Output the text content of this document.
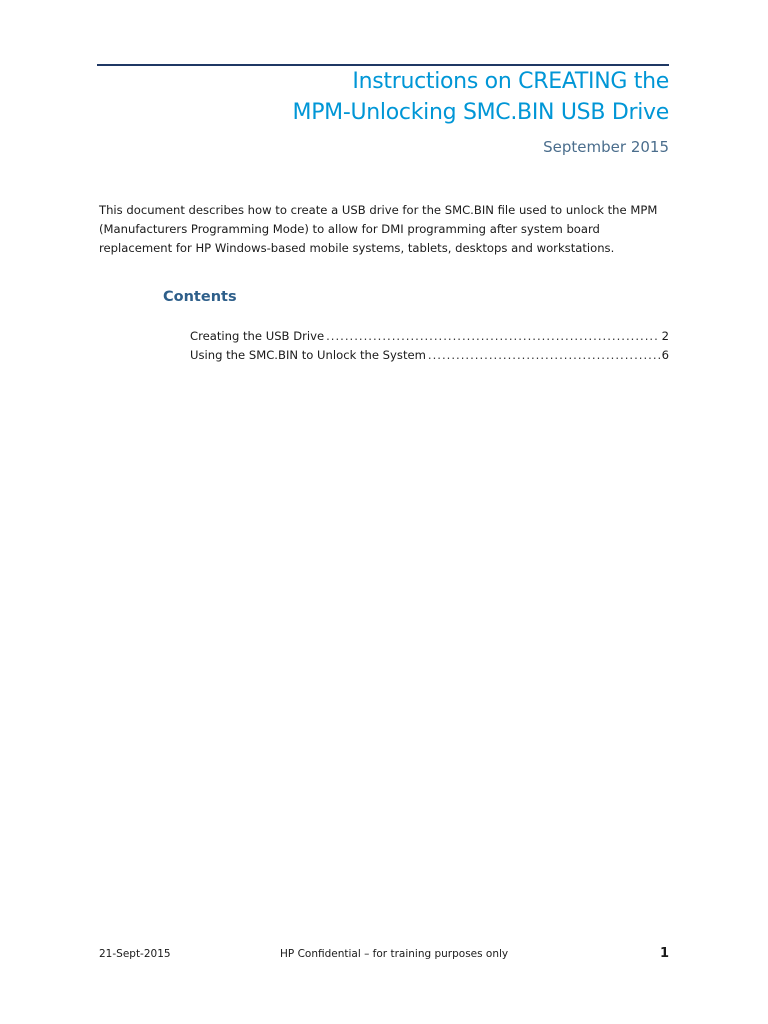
Instructions on CREATING the
MPM-Unlocking SMC.BIN USB Drive
September 2015

This document describes how to create a USB drive for the SMC.BIN file used to unlock the MPM (Manufacturers Programming Mode) to allow for DMI programming after system board replacement for HP Windows-based mobile systems, tablets, desktops and workstations.

Contents
Creating the USB Drive .....	2
Using the SMC.BIN to Unlock the System .....	6
21-Sept-2015	HP Confidential – for training purposes only	1
